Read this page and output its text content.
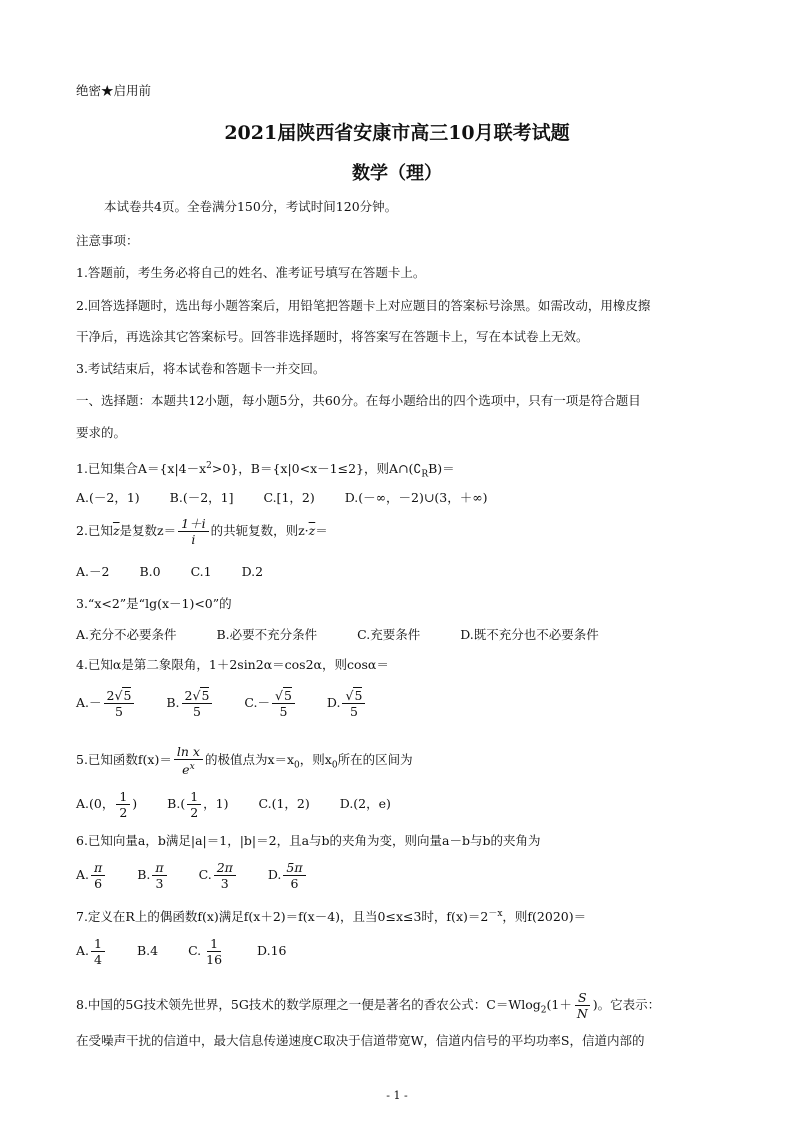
绝密★启用前
2021届陕西省安康市高三10月联考试题
数学（理）
本试卷共4页。全卷满分150分，考试时间120分钟。
注意事项：
1.答题前，考生务必将自己的姓名、准考证号填写在答题卡上。
2.回答选择题时，选出每小题答案后，用铅笔把答题卡上对应题目的答案标号涂黑。如需改动，用橡皮擦
干净后，再选涂其它答案标号。回答非选择题时，将答案写在答题卡上，写在本试卷上无效。
3.考试结束后，将本试卷和答题卡一并交回。
一、选择题：本题共12小题，每小题5分，共60分。在每小题给出的四个选项中，只有一项是符合题目
要求的。
1.已知集合$A=\{x|4-x^2>0\}$，B＝{x|0<x－1≤2}，则$A\cap(∁_RB)=$
A.(－2，1) B.(－2，1] C.[1，2) D.(－∞，－2)∪(3，＋∞)
2.已知$\overline{z}$是复数$z= \frac{1+i}{i}$ 的共轭复数，则$z\cdot\overline{z}=$
A.－2 B.0 C.1 D.2
3.“x<2”是“lg(x－1)<0”的
A.充分不必要条件	B.必要不充分条件	C.充要条件	D.既不充分也不必要条件
4.已知α是第二象限角，1＋2sin2α＝cos2α，则cosα＝
$A.- \frac{2√5}{5}$	B. $\frac{2√5}{5}$	$C.- \frac{√5}{5}$	D. $\frac{√5}{5}$
5.已知函数$f(x)= \frac{\text{ln x}}{e^x}$ 的极值点为$x=x_0$，则$x_0$所在的区间为
A.(0， $\frac{1}{2}$ ) $B.( \frac{1}{2}$ ，1) C.(1，2) D.(2，e)
6.已知向量a，b满足|a|＝1，|b|＝2，且a与b的夹角为变，则向量a－b与b的夹角为
A. $\frac{\pi}{6}$	B. $\frac{\pi}{3}$	C. $\frac{2\pi}{3}$	D. $\frac{5\pi}{6}$
7.定义在R上的偶函数f(x)满足f(x＋2)＝f(x－4)，且当0≤x≤3时，$f(x)=2^{-x}$，则f(2020)＝
A. $\frac{1}{4}$	B.4 C. $\frac{1}{16}$	D.16
8.中国的5G技术领先世界，5G技术的数学原理之一便是著名的香农公式：$C=Wlog_2(1+ \frac{S}{N}$ )。它表示：
在受噪声干扰的信道中，最大信息传递速度C取决于信道带宽W，信道内信号的平均功率S，信道内部的
- 1 -
